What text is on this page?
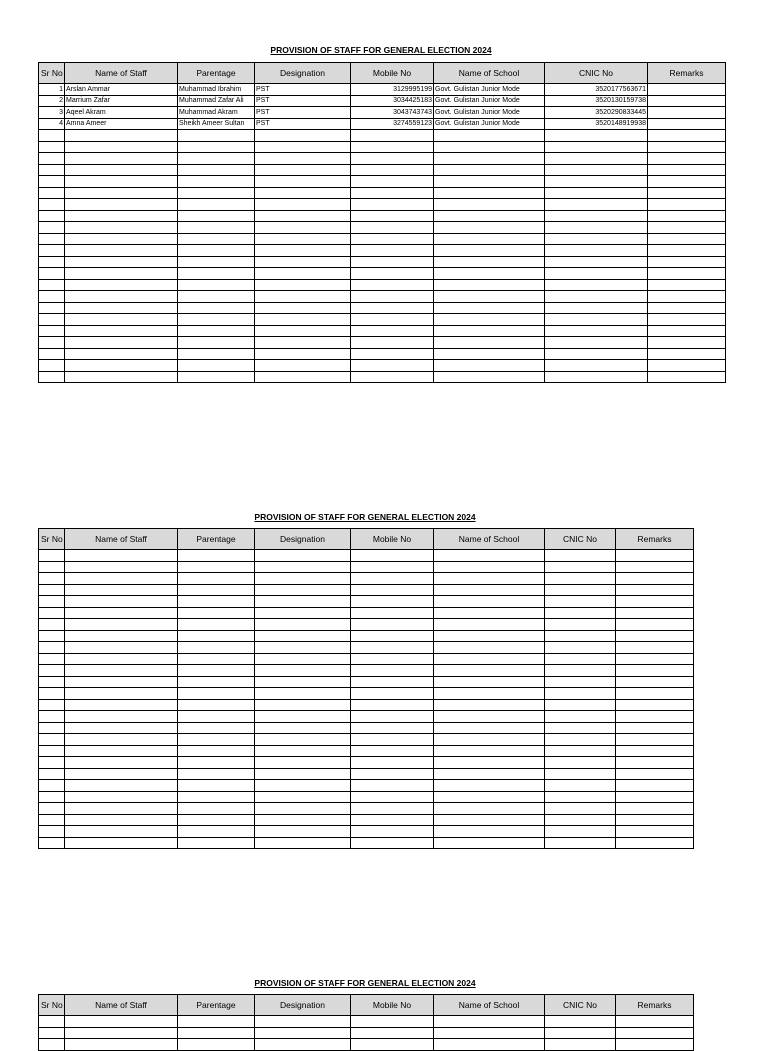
PROVISION OF STAFF FOR GENERAL ELECTION 2024
Sr No	Name of Staff	Parentage	Designation	Mobile No	Name of School	CNIC No	Remarks
1	Arslan Ammar	Muhammad Ibrahim	PST	3129995199	Govt. Gulistan Junior Mode	3520177563671	
2	Marrium Zafar	Muhammad Zafar Ali	PST	3034425183	Govt. Gulistan Junior Mode	3520130159738	
3	Aqeel Akram	Muhammad Akram	PST	3043743743	Govt. Gulistan Junior Mode	3520290833445	
4	Amna Ameer	Sheikh Ameer Sultan	PST	3274559123	Govt. Gulistan Junior Mode	3520148919938	

PROVISION OF STAFF FOR GENERAL ELECTION 2024
Sr No	Name of Staff	Parentage	Designation	Mobile No	Name of School	CNIC No	Remarks

PROVISION OF STAFF FOR GENERAL ELECTION 2024
Sr No	Name of Staff	Parentage	Designation	Mobile No	Name of School	CNIC No	Remarks
